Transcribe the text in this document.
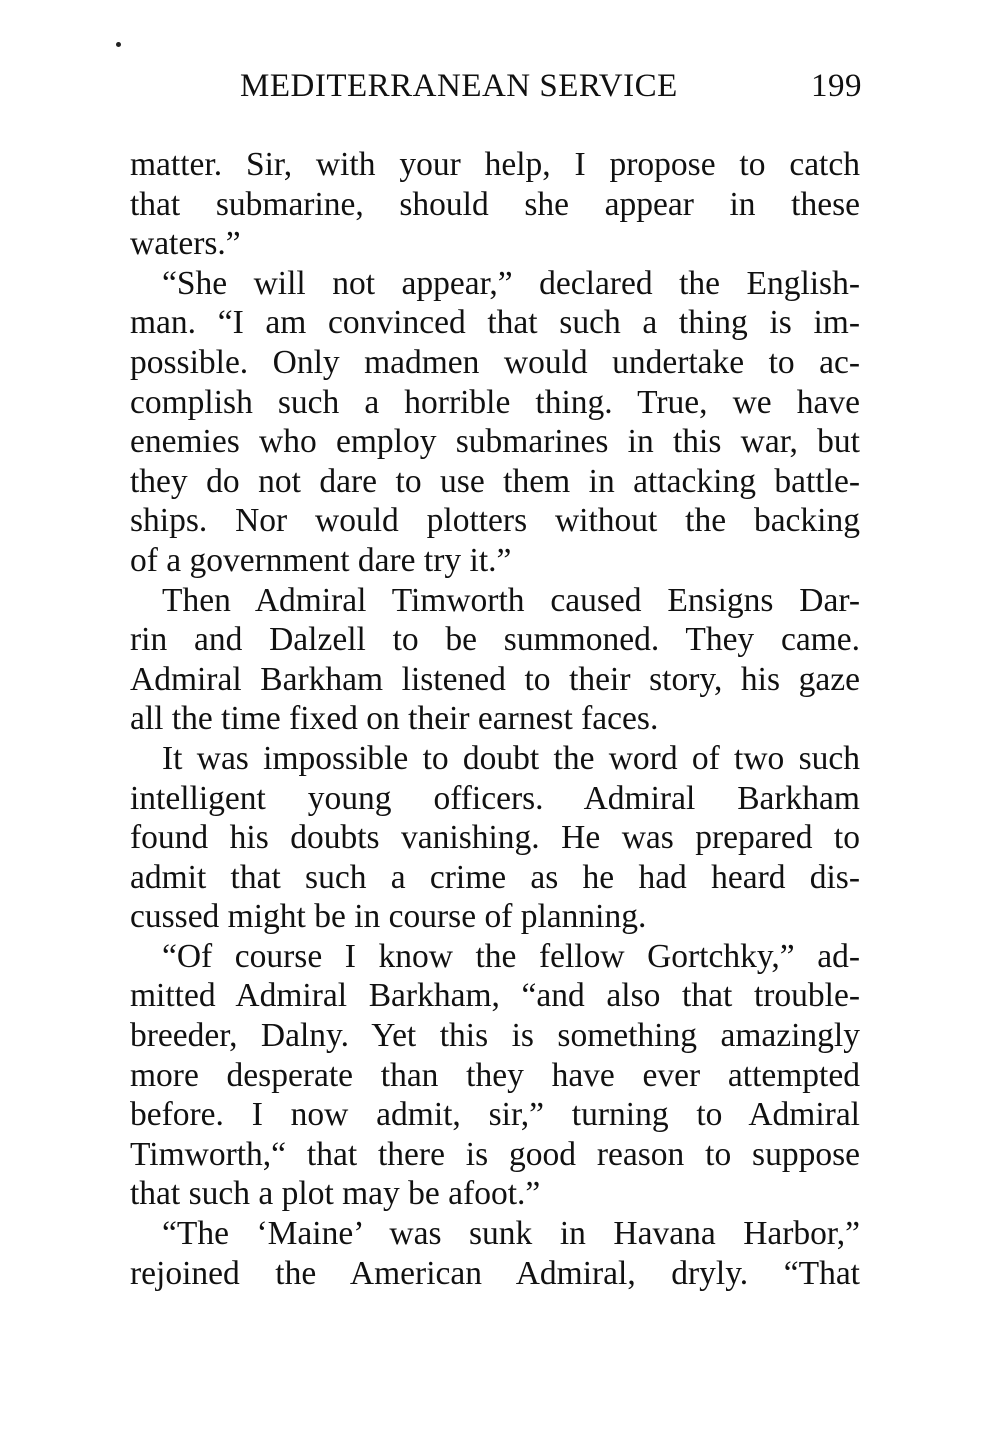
MEDITERRANEAN SERVICE	199
matter. Sir, with your help, I propose to catch
that submarine, should she appear in these
waters.”
“She will not appear,” declared the English-
man. “I am convinced that such a thing is im-
possible. Only madmen would undertake to ac-
complish such a horrible thing. True, we have
enemies who employ submarines in this war, but
they do not dare to use them in attacking battle-
ships. Nor would plotters without the backing
of a government dare try it.”
Then Admiral Timworth caused Ensigns Dar-
rin and Dalzell to be summoned. They came.
Admiral Barkham listened to their story, his gaze
all the time fixed on their earnest faces.
It was impossible to doubt the word of two such
intelligent young officers. Admiral Barkham
found his doubts vanishing. He was prepared to
admit that such a crime as he had heard dis-
cussed might be in course of planning.
“Of course I know the fellow Gortchky,” ad-
mitted Admiral Barkham, “and also that trouble-
breeder, Dalny. Yet this is something amazingly
more desperate than they have ever attempted
before. I now admit, sir,” turning to Admiral
Timworth,“ that there is good reason to suppose
that such a plot may be afoot.”
“The ‘Maine’ was sunk in Havana Harbor,”
rejoined the American Admiral, dryly. “That
